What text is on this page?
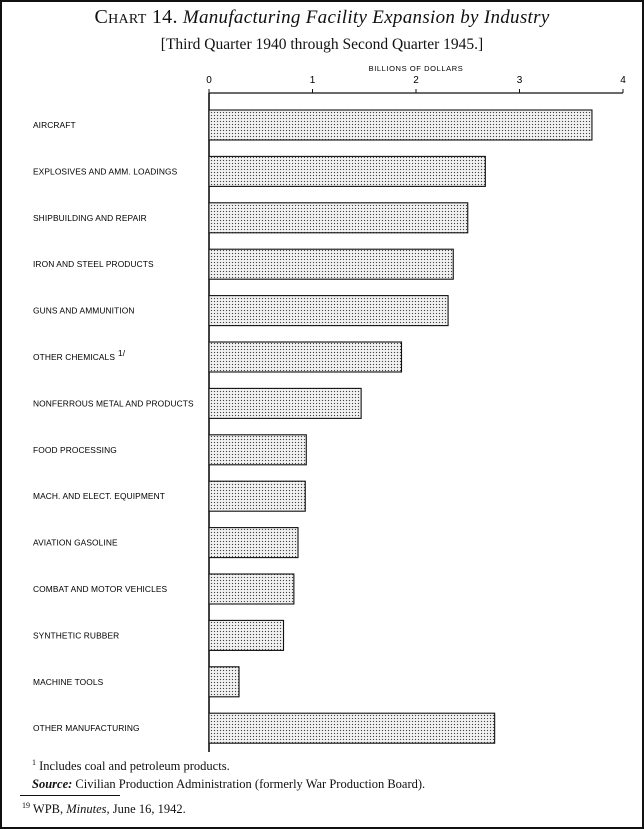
Chart 14. Manufacturing Facility Expansion by Industry
[Third Quarter 1940 through Second Quarter 1945.]
BILLIONS OF DOLLARS
0	1	2	3	4
AIRCRAFT
EXPLOSIVES AND AMM. LOADINGS
SHIPBUILDING AND REPAIR
IRON AND STEEL PRODUCTS
GUNS AND AMMUNITION
OTHER CHEMICALS 1/
NONFERROUS METAL AND PRODUCTS
FOOD PROCESSING
MACH. AND ELECT. EQUIPMENT
AVIATION GASOLINE
COMBAT AND MOTOR VEHICLES
SYNTHETIC RUBBER
MACHINE TOOLS
OTHER MANUFACTURING
$^1$ Includes coal and petroleum products.
Source: Civilian Production Administration (formerly War Production Board).
$^{19}$ WPB, Minutes, June 16, 1942.
